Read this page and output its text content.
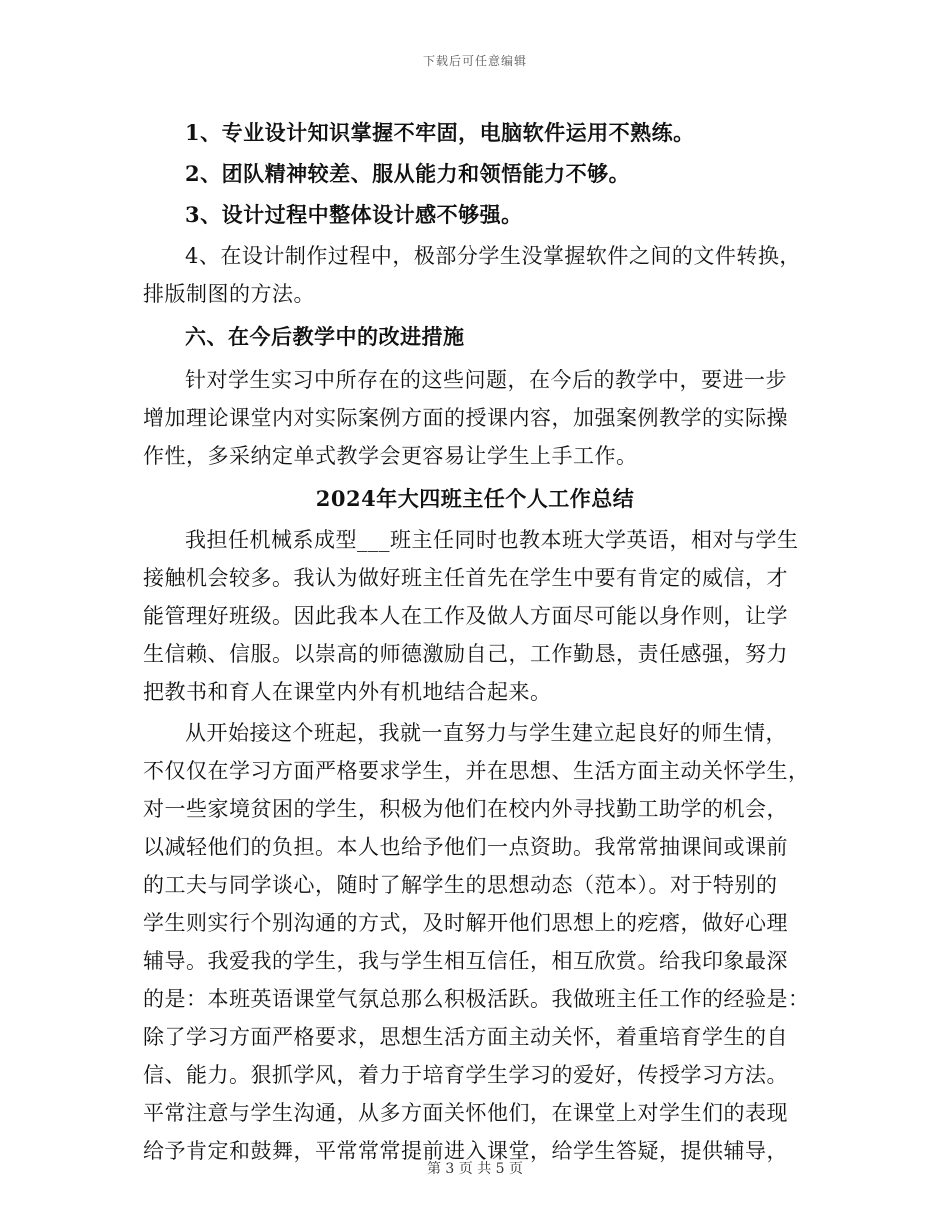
下载后可任意编辑
1、专业设计知识掌握不牢固，电脑软件运用不熟练。
2、团队精神较差、服从能力和领悟能力不够。
3、设计过程中整体设计感不够强。
4、在设计制作过程中，极部分学生没掌握软件之间的文件转换，
排版制图的方法。
六、在今后教学中的改进措施
针对学生实习中所存在的这些问题，在今后的教学中，要进一步
增加理论课堂内对实际案例方面的授课内容，加强案例教学的实际操
作性，多采纳定单式教学会更容易让学生上手工作。
2024年大四班主任个人工作总结
我担任机械系成型___班主任同时也教本班大学英语，相对与学生
接触机会较多。我认为做好班主任首先在学生中要有肯定的威信，才
能管理好班级。因此我本人在工作及做人方面尽可能以身作则，让学
生信赖、信服。以崇高的师德激励自己，工作勤恳，责任感强，努力
把教书和育人在课堂内外有机地结合起来。
从开始接这个班起，我就一直努力与学生建立起良好的师生情，
不仅仅在学习方面严格要求学生，并在思想、生活方面主动关怀学生，
对一些家境贫困的学生，积极为他们在校内外寻找勤工助学的机会，
以减轻他们的负担。本人也给予他们一点资助。我常常抽课间或课前
的工夫与同学谈心，随时了解学生的思想动态（范本）。对于特别的
学生则实行个别沟通的方式，及时解开他们思想上的疙瘩，做好心理
辅导。我爱我的学生，我与学生相互信任，相互欣赏。给我印象最深
的是：本班英语课堂气氛总那么积极活跃。我做班主任工作的经验是：
除了学习方面严格要求，思想生活方面主动关怀，着重培育学生的自
信、能力。狠抓学风，着力于培育学生学习的爱好，传授学习方法。
平常注意与学生沟通，从多方面关怀他们，在课堂上对学生们的表现
给予肯定和鼓舞，平常常常提前进入课堂，给学生答疑，提供辅导，
第 3 页 共 5 页
